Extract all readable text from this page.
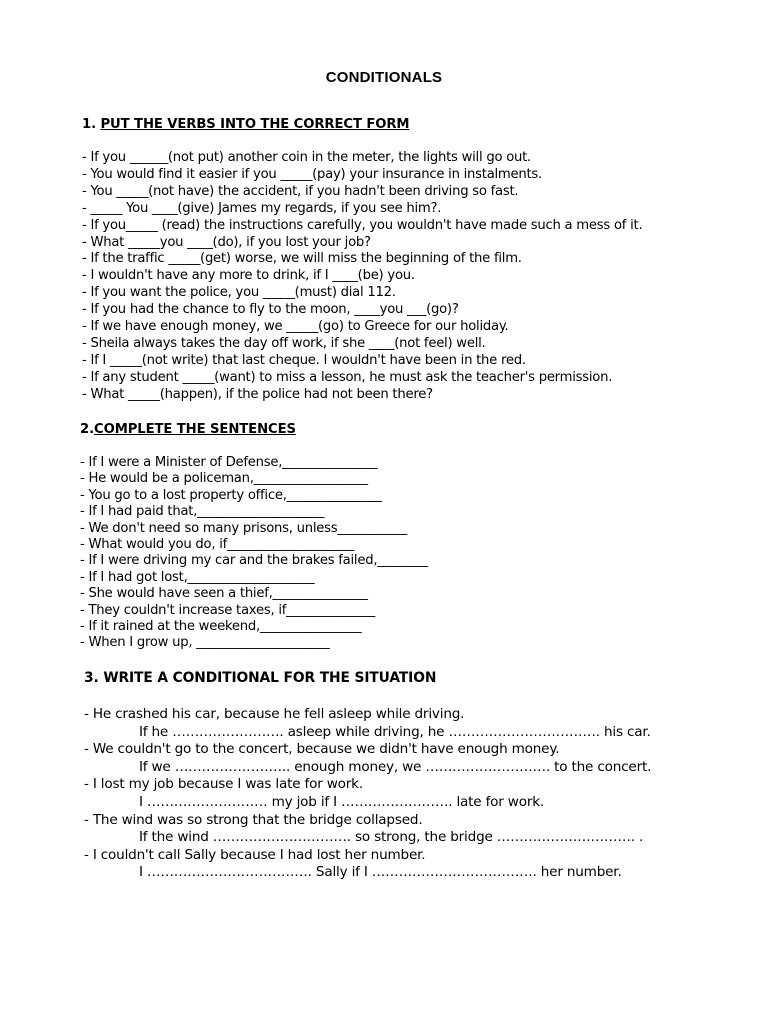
CONDITIONALS
1. PUT THE VERBS INTO THE CORRECT FORM
- If you ______(not put) another coin in the meter, the lights will go out.
- You would find it easier if you _____(pay) your insurance in instalments.
- You _____(not have) the accident, if you hadn't been driving so fast.
- _____ You ____(give) James my regards, if you see him?.
- If you_____ (read) the instructions carefully, you wouldn't have made such a mess of it.
- What _____you ____(do), if you lost your job?
- If the traffic _____(get) worse, we will miss the beginning of the film.
- I wouldn't have any more to drink, if I ____(be) you.
- If you want the police, you _____(must) dial 112.
- If you had the chance to fly to the moon, ____you ___(go)?
- If we have enough money, we _____(go) to Greece for our holiday.
- Sheila always takes the day off work, if she ____(not feel) well.
- If I _____(not write) that last cheque. I wouldn't have been in the red.
- If any student _____(want) to miss a lesson, he must ask the teacher's permission.
- What _____(happen), if the police had not been there?
2.COMPLETE THE SENTENCES
- If I were a Minister of Defense,_______________
- He would be a policeman,__________________
- You go to a lost property office,_______________
- If I had paid that,____________________
- We don't need so many prisons, unless___________
- What would you do, if____________________
- If I were driving my car and the brakes failed,________
- If I had got lost,____________________
- She would have seen a thief,_______________
- They couldn't increase taxes, if______________
- If it rained at the weekend,________________
- When I grow up, _____________________
3. WRITE A CONDITIONAL FOR THE SITUATION
- He crashed his car, because he fell asleep while driving.
If he ……………………. asleep while driving, he ……………………………. his car.
- We couldn't go to the concert, because we didn't have enough money.
If we …………………….. enough money, we ………………………. to the concert.
- I lost my job because I was late for work.
I ……………………… my job if I ……………………. late for work.
- The wind was so strong that the bridge collapsed.
If the wind …………………………. so strong, the bridge …………………………. .
- I couldn't call Sally because I had lost her number.
I ………………………………. Sally if I ………………………………. her number.
